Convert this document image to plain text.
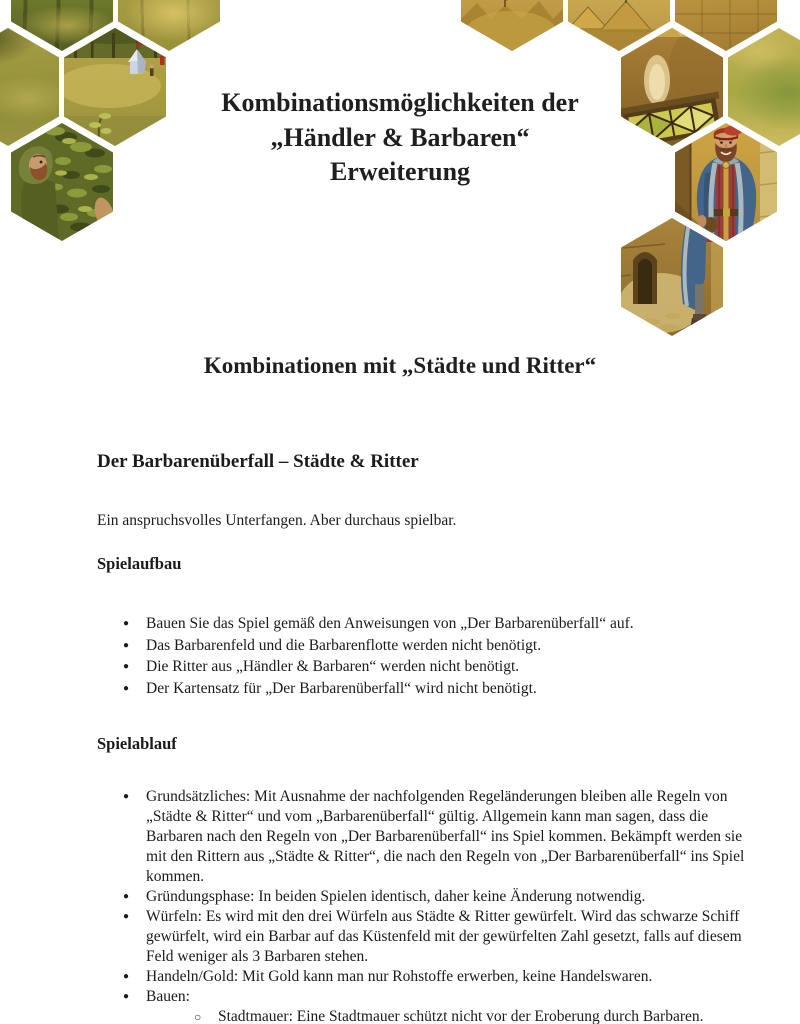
Kombinationsmöglichkeiten der
„Händler & Barbaren“
Erweiterung
Kombinationen mit „Städte und Ritter“
Der Barbarenüberfall – Städte & Ritter
Ein anspruchsvolles Unterfangen. Aber durchaus spielbar.
Spielaufbau
● Bauen Sie das Spiel gemäß den Anweisungen von „Der Barbarenüberfall“ auf.
● Das Barbarenfeld und die Barbarenflotte werden nicht benötigt.
● Die Ritter aus „Händler & Barbaren“ werden nicht benötigt.
● Der Kartensatz für „Der Barbarenüberfall“ wird nicht benötigt.
Spielablauf
● Grundsätzliches: Mit Ausnahme der nachfolgenden Regeländerungen bleiben alle Regeln von „Städte & Ritter“ und vom „Barbarenüberfall“ gültig. Allgemein kann man sagen, dass die Barbaren nach den Regeln von „Der Barbarenüberfall“ ins Spiel kommen. Bekämpft werden sie mit den Rittern aus „Städte & Ritter“, die nach den Regeln von „Der Barbarenüberfall“ ins Spiel kommen.
● Gründungsphase: In beiden Spielen identisch, daher keine Änderung notwendig.
● Würfeln: Es wird mit den drei Würfeln aus Städte & Ritter gewürfelt. Wird das schwarze Schiff gewürfelt, wird ein Barbar auf das Küstenfeld mit der gewürfelten Zahl gesetzt, falls auf diesem Feld weniger als 3 Barbaren stehen.
● Handeln/Gold: Mit Gold kann man nur Rohstoffe erwerben, keine Handelswaren.
● Bauen:
○ Stadtmauer: Eine Stadtmauer schützt nicht vor der Eroberung durch Barbaren.
